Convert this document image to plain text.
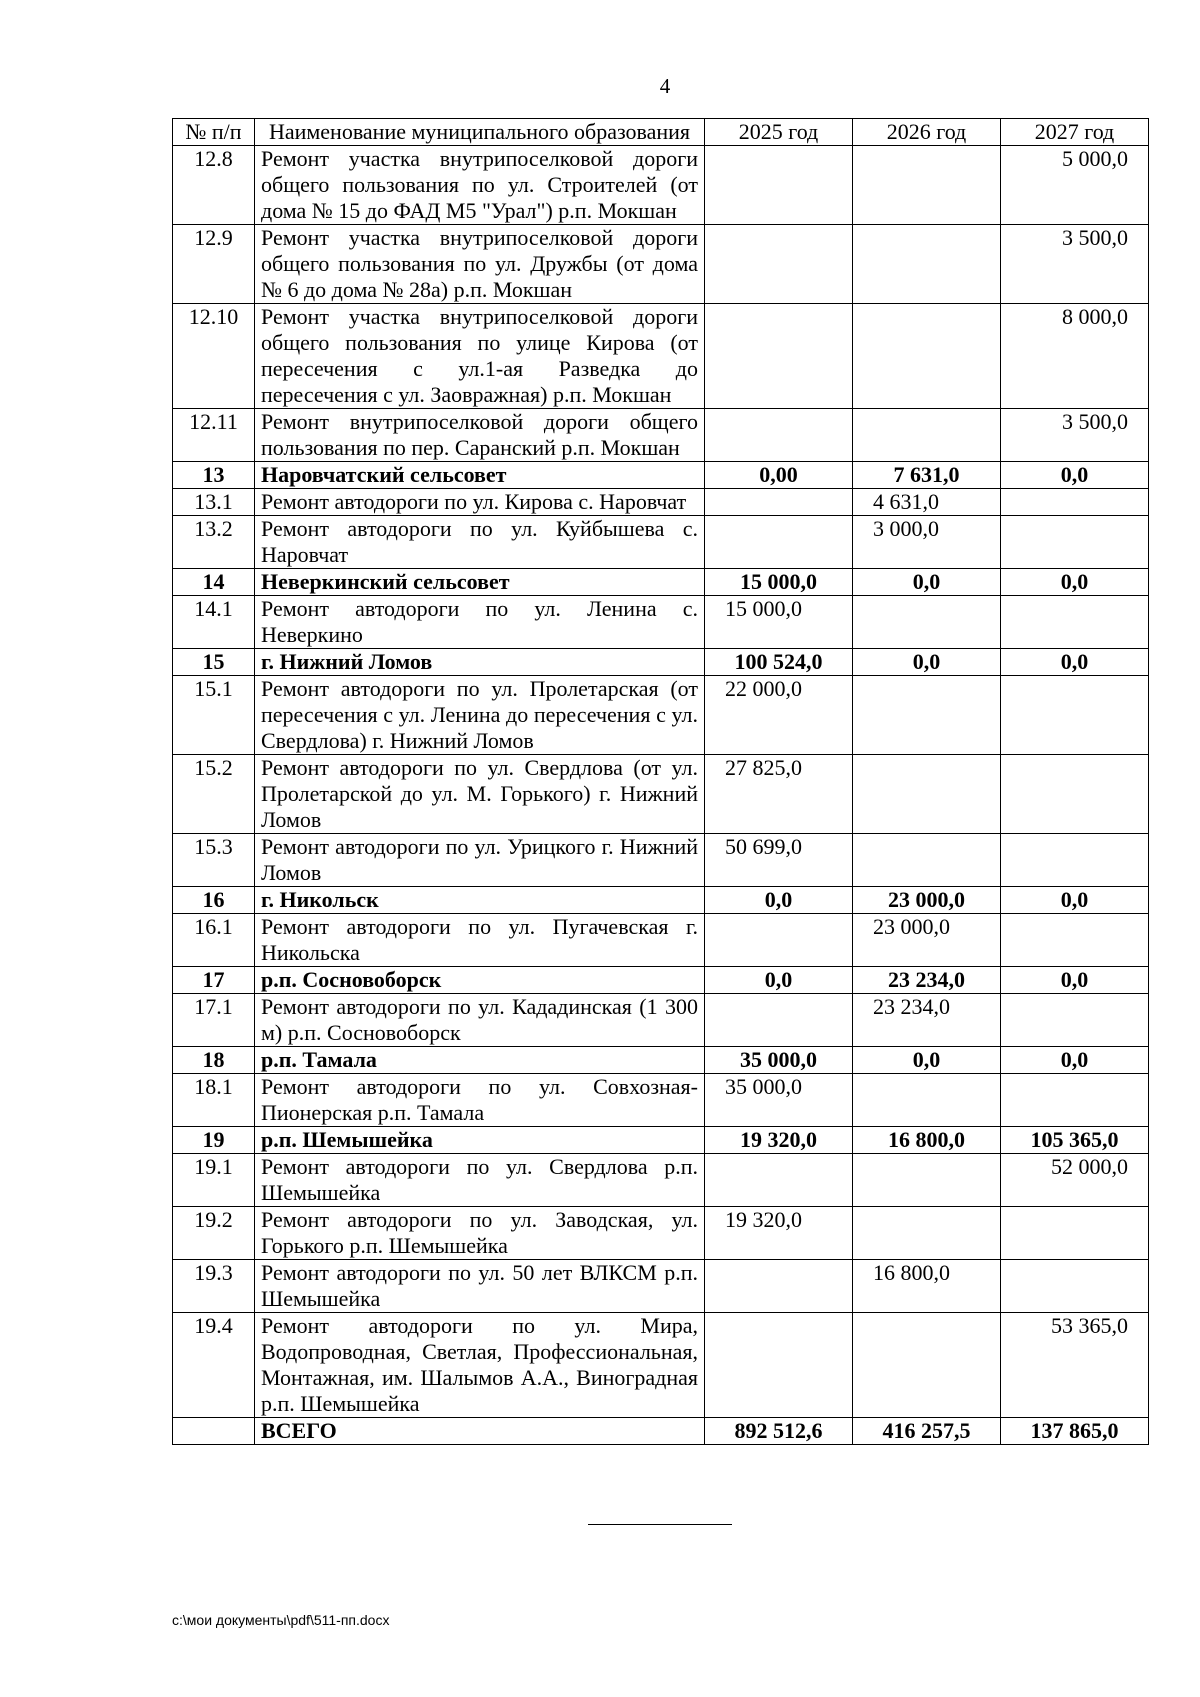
4
№ п/п	Наименование муниципального образования	2025 год	2026 год	2027 год
12.8	Ремонт участка внутрипоселковой дороги общего пользования по ул. Строителей (от дома № 15 до ФАД М5 "Урал") р.п. Мокшан			5 000,0
12.9	Ремонт участка внутрипоселковой дороги общего пользования по ул. Дружбы (от дома № 6 до дома № 28а) р.п. Мокшан			3 500,0
12.10	Ремонт участка внутрипоселковой дороги общего пользования по улице Кирова (от пересечения с ул.1-ая Разведка до пересечения с ул. Заовражная) р.п. Мокшан			8 000,0
12.11	Ремонт внутрипоселковой дороги общего пользования по пер. Саранский р.п. Мокшан			3 500,0
13	Наровчатский сельсовет	0,00	7 631,0	0,0
13.1	Ремонт автодороги по ул. Кирова с. Наровчат		4 631,0	
13.2	Ремонт автодороги по ул. Куйбышева с. Наровчат		3 000,0	
14	Неверкинский сельсовет	15 000,0	0,0	0,0
14.1	Ремонт автодороги по ул. Ленина с. Неверкино	15 000,0		
15	г. Нижний Ломов	100 524,0	0,0	0,0
15.1	Ремонт автодороги по ул. Пролетарская (от пересечения с ул. Ленина до пересечения с ул. Свердлова) г. Нижний Ломов	22 000,0		
15.2	Ремонт автодороги по ул. Свердлова (от ул. Пролетарской до ул. М. Горького) г. Нижний Ломов	27 825,0		
15.3	Ремонт автодороги по ул. Урицкого г. Нижний Ломов	50 699,0		
16	г. Никольск	0,0	23 000,0	0,0
16.1	Ремонт автодороги по ул. Пугачевская г. Никольска		23 000,0	
17	р.п. Сосновоборск	0,0	23 234,0	0,0
17.1	Ремонт автодороги по ул. Кададинская (1 300 м) р.п. Сосновоборск		23 234,0	
18	р.п. Тамала	35 000,0	0,0	0,0
18.1	Ремонт автодороги по ул. Совхозная-Пионерская р.п. Тамала	35 000,0		
19	р.п. Шемышейка	19 320,0	16 800,0	105 365,0
19.1	Ремонт автодороги по ул. Свердлова р.п. Шемышейка			52 000,0
19.2	Ремонт автодороги по ул. Заводская, ул. Горького р.п. Шемышейка	19 320,0		
19.3	Ремонт автодороги по ул. 50 лет ВЛКСМ р.п. Шемышейка		16 800,0	
19.4	Ремонт автодороги по ул. Мира, Водопроводная, Светлая, Профессиональная, Монтажная, им. Шалымов А.А., Виноградная р.п. Шемышейка			53 365,0
	ВСЕГО	892 512,6	416 257,5	137 865,0
c:\мои документы\pdf\511-пп.docx
